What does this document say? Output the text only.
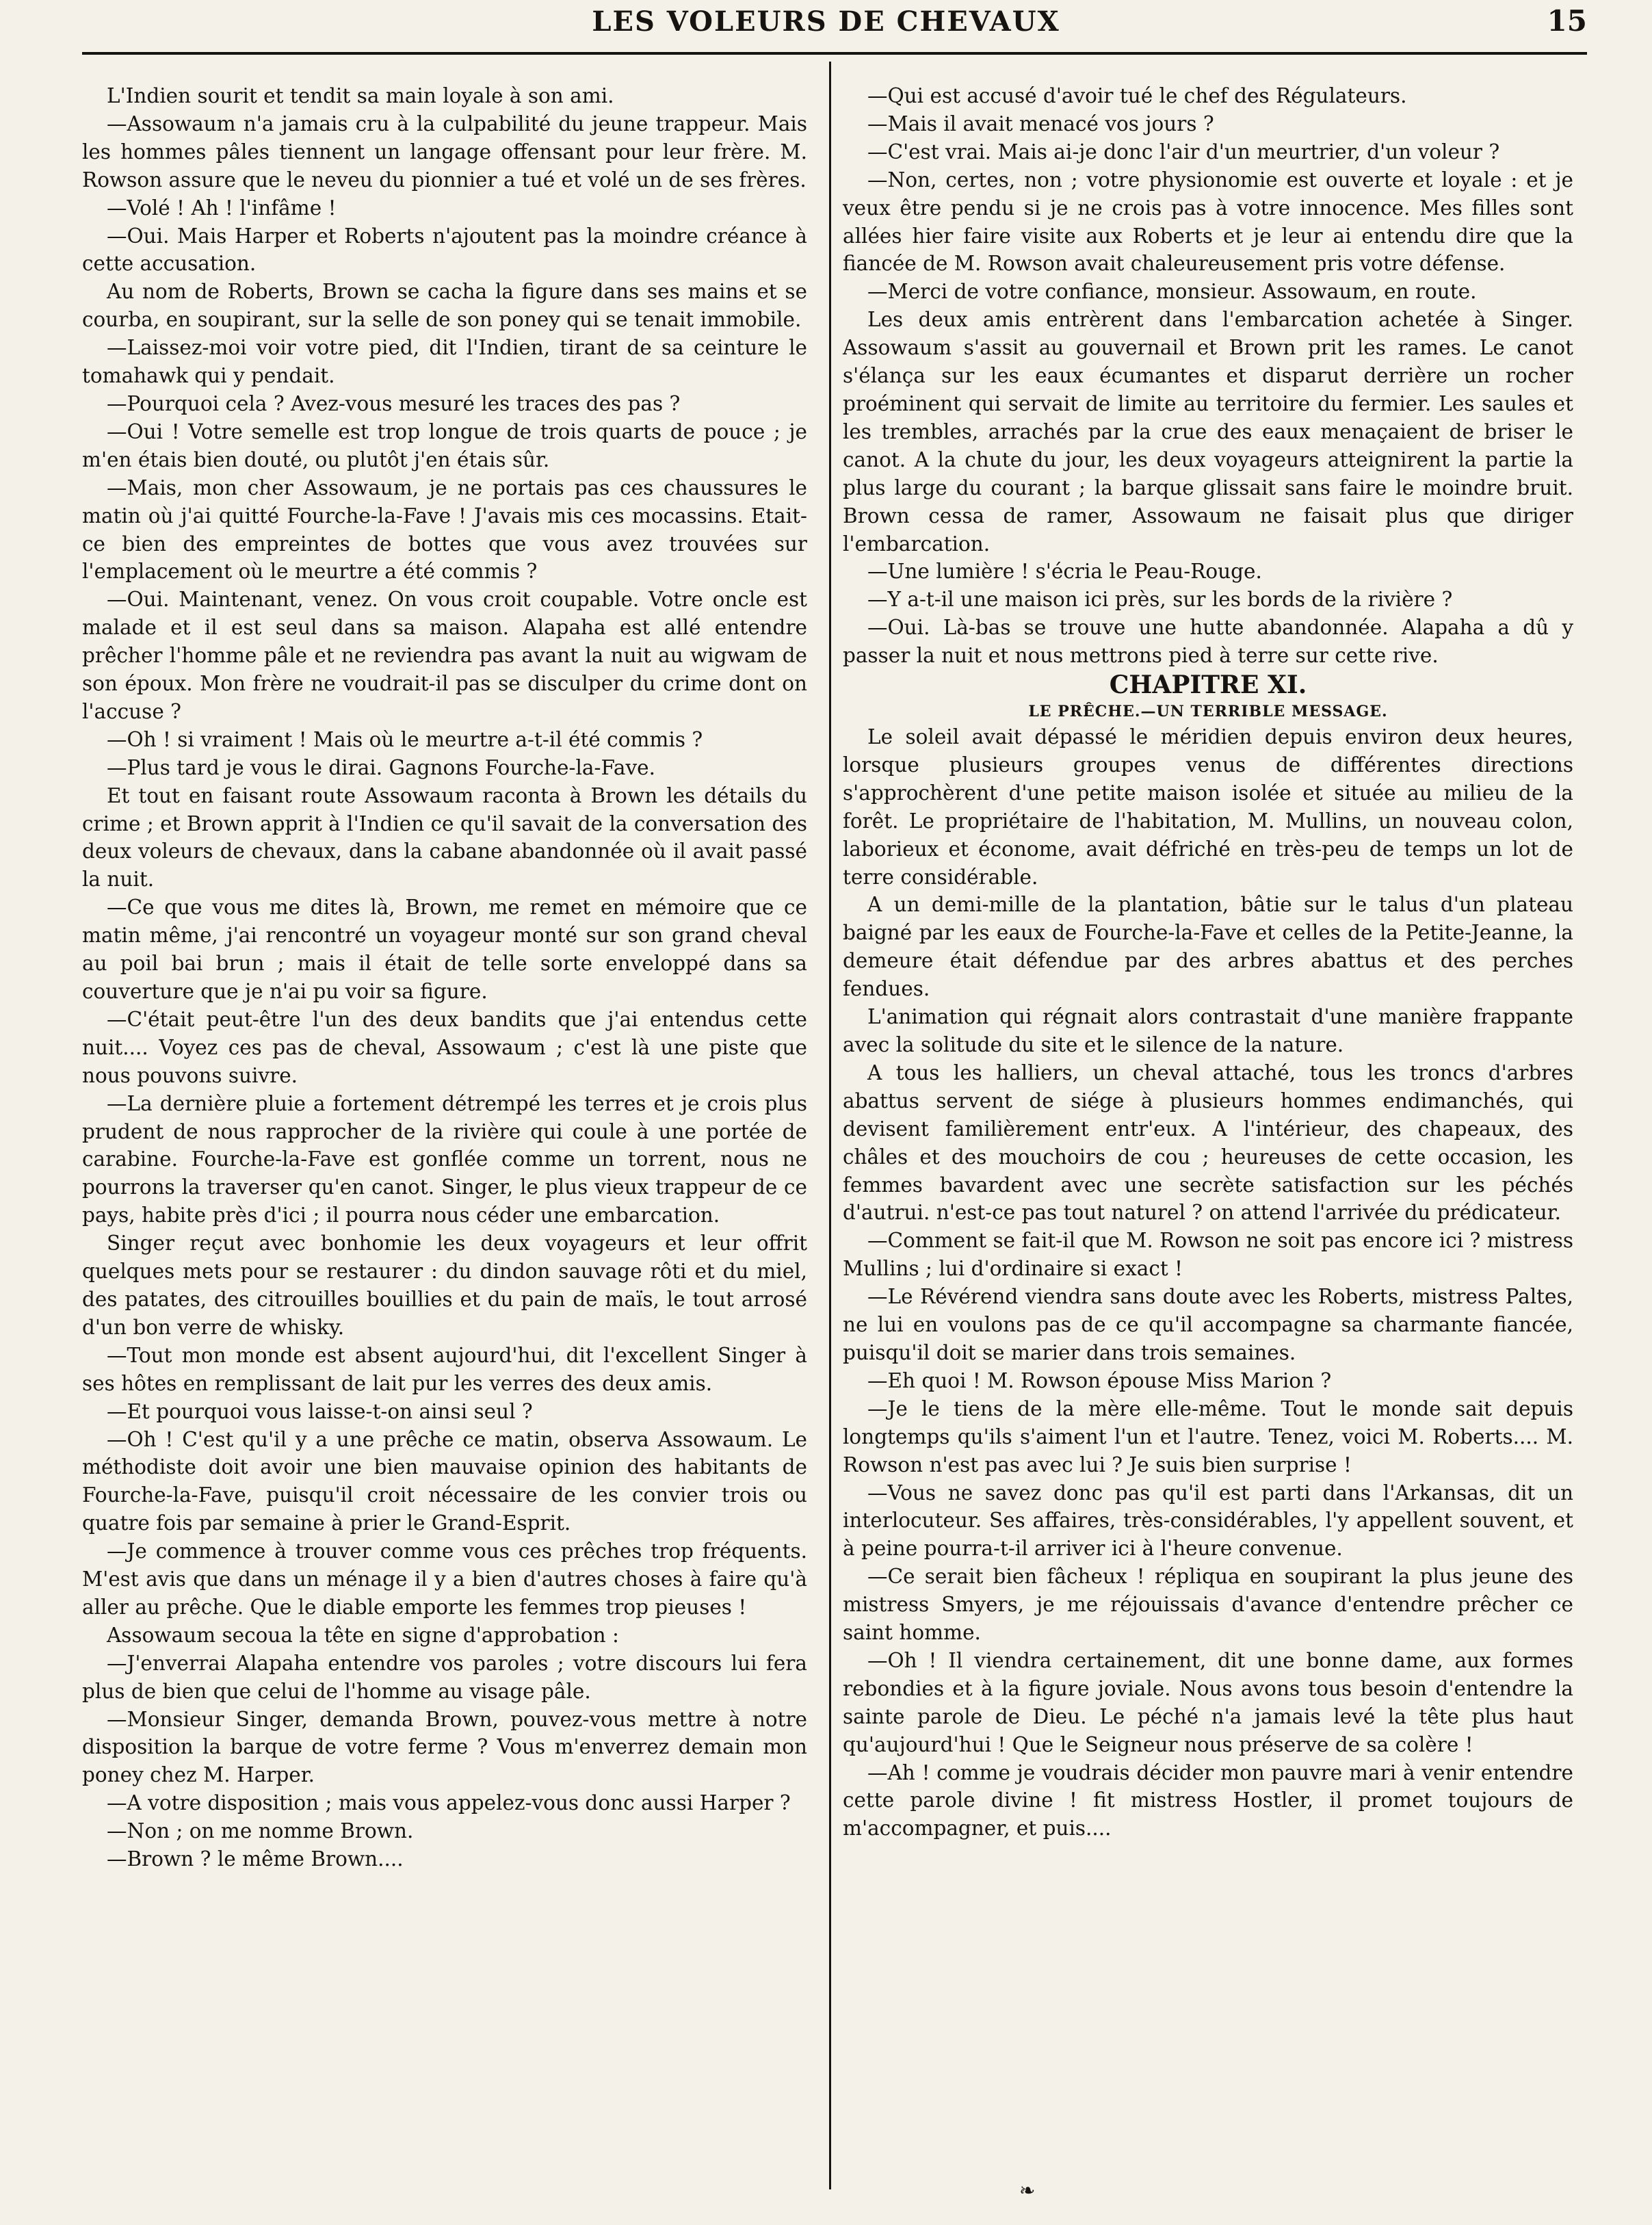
LES VOLEURS DE CHEVAUX	15

L'Indien sourit et tendit sa main loyale à son ami.

—Assowaum n'a jamais cru à la culpabilité du jeune trappeur. Mais les hommes pâles tiennent un langage offensant pour leur frère. M. Rowson assure que le neveu du pionnier a tué et volé un de ses frères.

—Volé ! Ah ! l'infâme !

—Oui. Mais Harper et Roberts n'ajoutent pas la moindre créance à cette accusation.

Au nom de Roberts, Brown se cacha la figure dans ses mains et se courba, en soupirant, sur la selle de son poney qui se tenait immobile.

—Laissez-moi voir votre pied, dit l'Indien, tirant de sa ceinture le tomahawk qui y pendait.

—Pourquoi cela ? Avez-vous mesuré les traces des pas ?

—Oui ! Votre semelle est trop longue de trois quarts de pouce ; je m'en étais bien douté, ou plutôt j'en étais sûr.

—Mais, mon cher Assowaum, je ne portais pas ces chaussures le matin où j'ai quitté Fourche-la-Fave ! J'avais mis ces mocassins. Etait-ce bien des empreintes de bottes que vous avez trouvées sur l'emplacement où le meurtre a été commis ?

—Oui. Maintenant, venez. On vous croit coupable. Votre oncle est malade et il est seul dans sa maison. Alapaha est allé entendre prêcher l'homme pâle et ne reviendra pas avant la nuit au wigwam de son époux. Mon frère ne voudrait-il pas se disculper du crime dont on l'accuse ?

—Oh ! si vraiment ! Mais où le meurtre a-t-il été commis ?

—Plus tard je vous le dirai. Gagnons Fourche-la-Fave.

Et tout en faisant route Assowaum raconta à Brown les détails du crime ; et Brown apprit à l'Indien ce qu'il savait de la conversation des deux voleurs de chevaux, dans la cabane abandonnée où il avait passé la nuit.

—Ce que vous me dites là, Brown, me remet en mémoire que ce matin même, j'ai rencontré un voyageur monté sur son grand cheval au poil bai brun ; mais il était de telle sorte enveloppé dans sa couverture que je n'ai pu voir sa figure.

—C'était peut-être l'un des deux bandits que j'ai entendus cette nuit.... Voyez ces pas de cheval, Assowaum ; c'est là une piste que nous pouvons suivre.

—La dernière pluie a fortement détrempé les terres et je crois plus prudent de nous rapprocher de la rivière qui coule à une portée de carabine. Fourche-la-Fave est gonflée comme un torrent, nous ne pourrons la traverser qu'en canot. Singer, le plus vieux trappeur de ce pays, habite près d'ici ; il pourra nous céder une embarcation.

Singer reçut avec bonhomie les deux voyageurs et leur offrit quelques mets pour se restaurer : du dindon sauvage rôti et du miel, des patates, des citrouilles bouillies et du pain de maïs, le tout arrosé d'un bon verre de whisky.

—Tout mon monde est absent aujourd'hui, dit l'excellent Singer à ses hôtes en remplissant de lait pur les verres des deux amis.

—Et pourquoi vous laisse-t-on ainsi seul ?

—Oh ! C'est qu'il y a une prêche ce matin, observa Assowaum. Le méthodiste doit avoir une bien mauvaise opinion des habitants de Fourche-la-Fave, puisqu'il croit nécessaire de les convier trois ou quatre fois par semaine à prier le Grand-Esprit.

—Je commence à trouver comme vous ces prêches trop fréquents. M'est avis que dans un ménage il y a bien d'autres choses à faire qu'à aller au prêche. Que le diable emporte les femmes trop pieuses !

Assowaum secoua la tête en signe d'approbation :

—J'enverrai Alapaha entendre vos paroles ; votre discours lui fera plus de bien que celui de l'homme au visage pâle.

—Monsieur Singer, demanda Brown, pouvez-vous mettre à notre disposition la barque de votre ferme ? Vous m'enverrez demain mon poney chez M. Harper.

—A votre disposition ; mais vous appelez-vous donc aussi Harper ?

—Non ; on me nomme Brown.

—Brown ? le même Brown....

—Qui est accusé d'avoir tué le chef des Régulateurs.

—Mais il avait menacé vos jours ?

—C'est vrai. Mais ai-je donc l'air d'un meurtrier, d'un voleur ?

—Non, certes, non ; votre physionomie est ouverte et loyale : et je veux être pendu si je ne crois pas à votre innocence. Mes filles sont allées hier faire visite aux Roberts et je leur ai entendu dire que la fiancée de M. Rowson avait chaleureusement pris votre défense.

—Merci de votre confiance, monsieur. Assowaum, en route.

Les deux amis entrèrent dans l'embarcation achetée à Singer. Assowaum s'assit au gouvernail et Brown prit les rames. Le canot s'élança sur les eaux écumantes et disparut derrière un rocher proéminent qui servait de limite au territoire du fermier. Les saules et les trembles, arrachés par la crue des eaux menaçaient de briser le canot. A la chute du jour, les deux voyageurs atteignirent la partie la plus large du courant ; la barque glissait sans faire le moindre bruit. Brown cessa de ramer, Assowaum ne faisait plus que diriger l'embarcation.

—Une lumière ! s'écria le Peau-Rouge.

—Y a-t-il une maison ici près, sur les bords de la rivière ?

—Oui. Là-bas se trouve une hutte abandonnée. Alapaha a dû y passer la nuit et nous mettrons pied à terre sur cette rive.

CHAPITRE XI.

LE PRÊCHE.—UN TERRIBLE MESSAGE.

Le soleil avait dépassé le méridien depuis environ deux heures, lorsque plusieurs groupes venus de différentes directions s'approchèrent d'une petite maison isolée et située au milieu de la forêt. Le propriétaire de l'habitation, M. Mullins, un nouveau colon, laborieux et économe, avait défriché en très-peu de temps un lot de terre considérable.

A un demi-mille de la plantation, bâtie sur le talus d'un plateau baigné par les eaux de Fourche-la-Fave et celles de la Petite-Jeanne, la demeure était défendue par des arbres abattus et des perches fendues.

L'animation qui régnait alors contrastait d'une manière frappante avec la solitude du site et le silence de la nature.

A tous les halliers, un cheval attaché, tous les troncs d'arbres abattus servent de siége à plusieurs hommes endimanchés, qui devisent familièrement entr'eux. A l'intérieur, des chapeaux, des châles et des mouchoirs de cou ; heureuses de cette occasion, les femmes bavardent avec une secrète satisfaction sur les péchés d'autrui. n'est-ce pas tout naturel ? on attend l'arrivée du prédicateur.

—Comment se fait-il que M. Rowson ne soit pas encore ici ? mistress Mullins ; lui d'ordinaire si exact !

—Le Révérend viendra sans doute avec les Roberts, mistress Paltes, ne lui en voulons pas de ce qu'il accompagne sa charmante fiancée, puisqu'il doit se marier dans trois semaines.

—Eh quoi ! M. Rowson épouse Miss Marion ?

—Je le tiens de la mère elle-même. Tout le monde sait depuis longtemps qu'ils s'aiment l'un et l'autre. Tenez, voici M. Roberts.... M. Rowson n'est pas avec lui ? Je suis bien surprise !

—Vous ne savez donc pas qu'il est parti dans l'Arkansas, dit un interlocuteur. Ses affaires, très-considérables, l'y appellent souvent, et à peine pourra-t-il arriver ici à l'heure convenue.

—Ce serait bien fâcheux ! répliqua en soupirant la plus jeune des mistress Smyers, je me réjouissais d'avance d'entendre prêcher ce saint homme.

—Oh ! Il viendra certainement, dit une bonne dame, aux formes rebondies et à la figure joviale. Nous avons tous besoin d'entendre la sainte parole de Dieu. Le péché n'a jamais levé la tête plus haut qu'aujourd'hui ! Que le Seigneur nous préserve de sa colère !

—Ah ! comme je voudrais décider mon pauvre mari à venir entendre cette parole divine ! fit mistress Hostler, il promet toujours de m'accompagner, et puis....

❧
